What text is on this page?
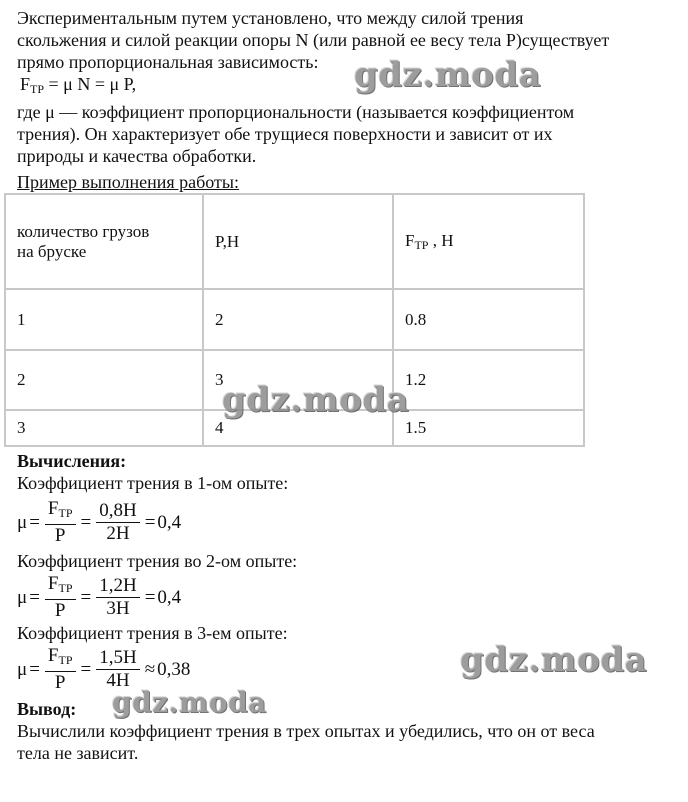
Экспериментальным путем установлено, что между силой трения
скольжения и силой реакции опоры N (или равной ее весу тела P)существует
прямо пропорциональная зависимость:
$F_{TP} = \mu$ N = μ P,
где μ — коэффициент пропорциональности (называется коэффициентом
трения). Он характеризует обе трущиеся поверхности и зависит от их
природы и качества обработки.
Пример выполнения работы:
количество грузов
на бруске	P,H	$F_{TP}$ , H
1	2	0.8
2	3	1.2
3	4	1.5
Вычисления:
Коэффициент трения в 1-ом опыте:
$\mu = \frac{F_{ТР}}{P} = \frac{0,8Н}{2Н} = 0,4$
Коэффициент трения во 2-ом опыте:
$\mu = \frac{F_{ТР}}{P} = \frac{1,2Н}{3Н} = 0,4$
Коэффициент трения в 3-ем опыте:
$\mu = \frac{F_{ТР}}{P} = \frac{1,5Н}{4Н} \approx 0,38$
Вывод:
Вычислили коэффициент трения в трех опытах и убедились, что он от веса
тела не зависит.
gdz.moda
gdz.moda
gdz.moda
gdz.moda
